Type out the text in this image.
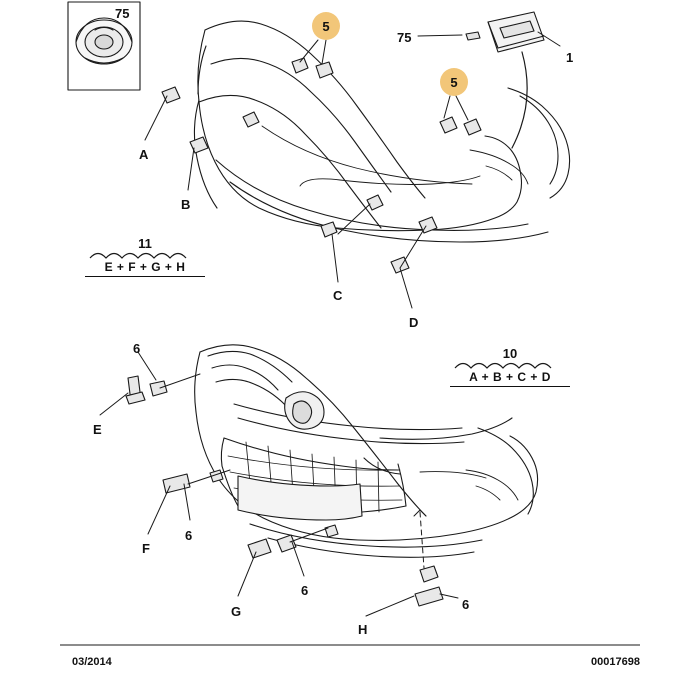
75
75
1
6
6
6
6
A
B
C
D
E
F
G
H
5
5
11
E + F + G + H
10
A + B + C + D
03/2014	00017698
